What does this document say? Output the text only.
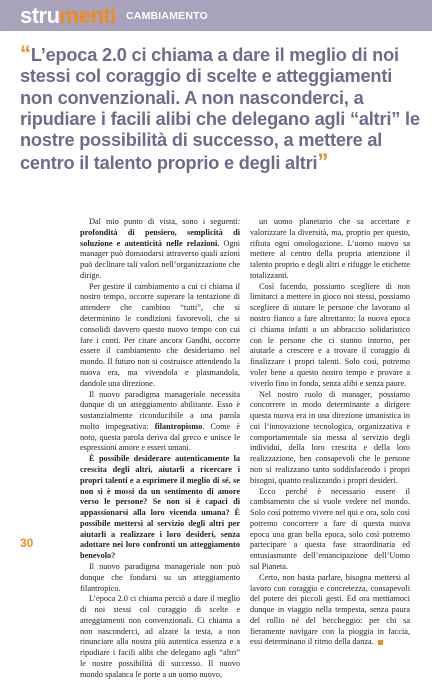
strumenti CAMBIAMENTO
“L’epoca 2.0 ci chiama a dare il meglio di noi stessi col coraggio di scelte e atteggiamenti non convenzionali. A non nasconderci, a ripudiare i facili alibi che delegano agli “altri” le nostre possibilità di successo, a mettere al centro il talento proprio e degli altri”

Dal mio punto di vista, sono i seguenti: profondità di pensiero, semplicità di soluzione e autenticità nelle relazioni. Ogni manager può domandarsi attraverso quali azioni può declinare tali valori nell’organizzazione che dirige.

Per gestire il cambiamento a cui ci chiama il nostro tempo, occorre superare la tentazione di attendere che cambino “tutti”, che si determinino le condizioni favorevoli, che si consolidi davvero questo nuovo tempo con cui fare i conti. Per citare ancora Gandhi, occorre essere il cambiamento che desideriamo nel mondo. Il futuro non si costruisce attendendo la nuova era, ma vivendola e plasmandola, dandole una direzione.

Il nuovo paradigma manageriale necessita dunque di un atteggiamento abilitante. Esso è sostanzialmente riconducibile a una parola molto impegnativa: filantropismo. Come è noto, questa parola deriva dal greco e unisce le espressioni amore e esseri umani.

È possibile desiderare autenticamente la crescita degli altri, aiutarli a ricercare i propri talenti e a esprimere il meglio di sé, se non si è mossi da un sentimento di amore verso le persone? Se non si è capaci di appassionarsi alla loro vicenda umana? È possibile mettersi al servizio degli altri per aiutarli a realizzare i loro desideri, senza adottare nei loro confronti un atteggiamento benevolo?

Il nuovo paradigma manageriale non può dunque che fondarsi su un atteggiamento filantropico.

L’epoca 2.0 ci chiama perciò a dare il meglio di noi stessi col coraggio di scelte e atteggiamenti non convenzionali. Ci chiama a non nasconderci, ad alzare la testa, a non rinunciare alla nostra più autentica essenza e a ripudiare i facili alibi che delegano agli “altri” le nostre possibilità di successo. Il nuovo mondo spalanca le porte a un uomo nuovo,

un uomo planetario che sa accettare e valorizzare la diversità, ma, proprio per questo, rifiuta ogni omologazione. L’uomo nuovo sa mettere al centro della propria attenzione il talento proprio e degli altri e rifugge le etichette totalizzanti.

Così facendo, possiamo scegliere di non limitarci a mettere in gioco noi stessi, possiamo scegliere di aiutare le persone che lavorano al nostro fianco a fare altrettanto: la nuova epoca ci chiama infatti a un abbraccio solidaristico con le persone che ci stanno intorno, per aiutarle a crescere e a trovare il coraggio di finalizzare i propri talenti. Solo così, potremo voler bene a questo nostro tempo e provare a viverlo fino in fondo, senza alibi e senza paure.

Nel nostro ruolo di manager, possiamo concorrere in modo determinante a dirigere questa nuova era in una direzione umanistica in cui l’innovazione tecnologica, organizzativa e comportamentale sia messa al servizio degli individui, della loro crescita e della loro realizzazione, ben consapevoli che le persone non si realizzano tanto soddisfacendo i propri bisogni, quanto realizzando i propri desideri.

Ecco perché è necessario essere il cambiamento che si vuole vedere nel mondo. Solo così potremo vivere nel qui e ora, solo così potremo concorrere a fare di questa nuova epoca una gran bella epoca, solo così potremo partecipare a questa fase straordinaria ed entusiasmante dell’emancipazione dell’Uomo sul Pianeta.

Certo, non basta parlare, bisogna mettersi al lavoro con coraggio e concretezza, consapevoli del potere dei piccoli gesti. Ed ora mettiamoci dunque in viaggio nella tempesta, senza paura del rollio né del beccheggio: per chi sa fieramente navigare con la pioggia in faccia, essi determinano il ritmo della danza.

30
